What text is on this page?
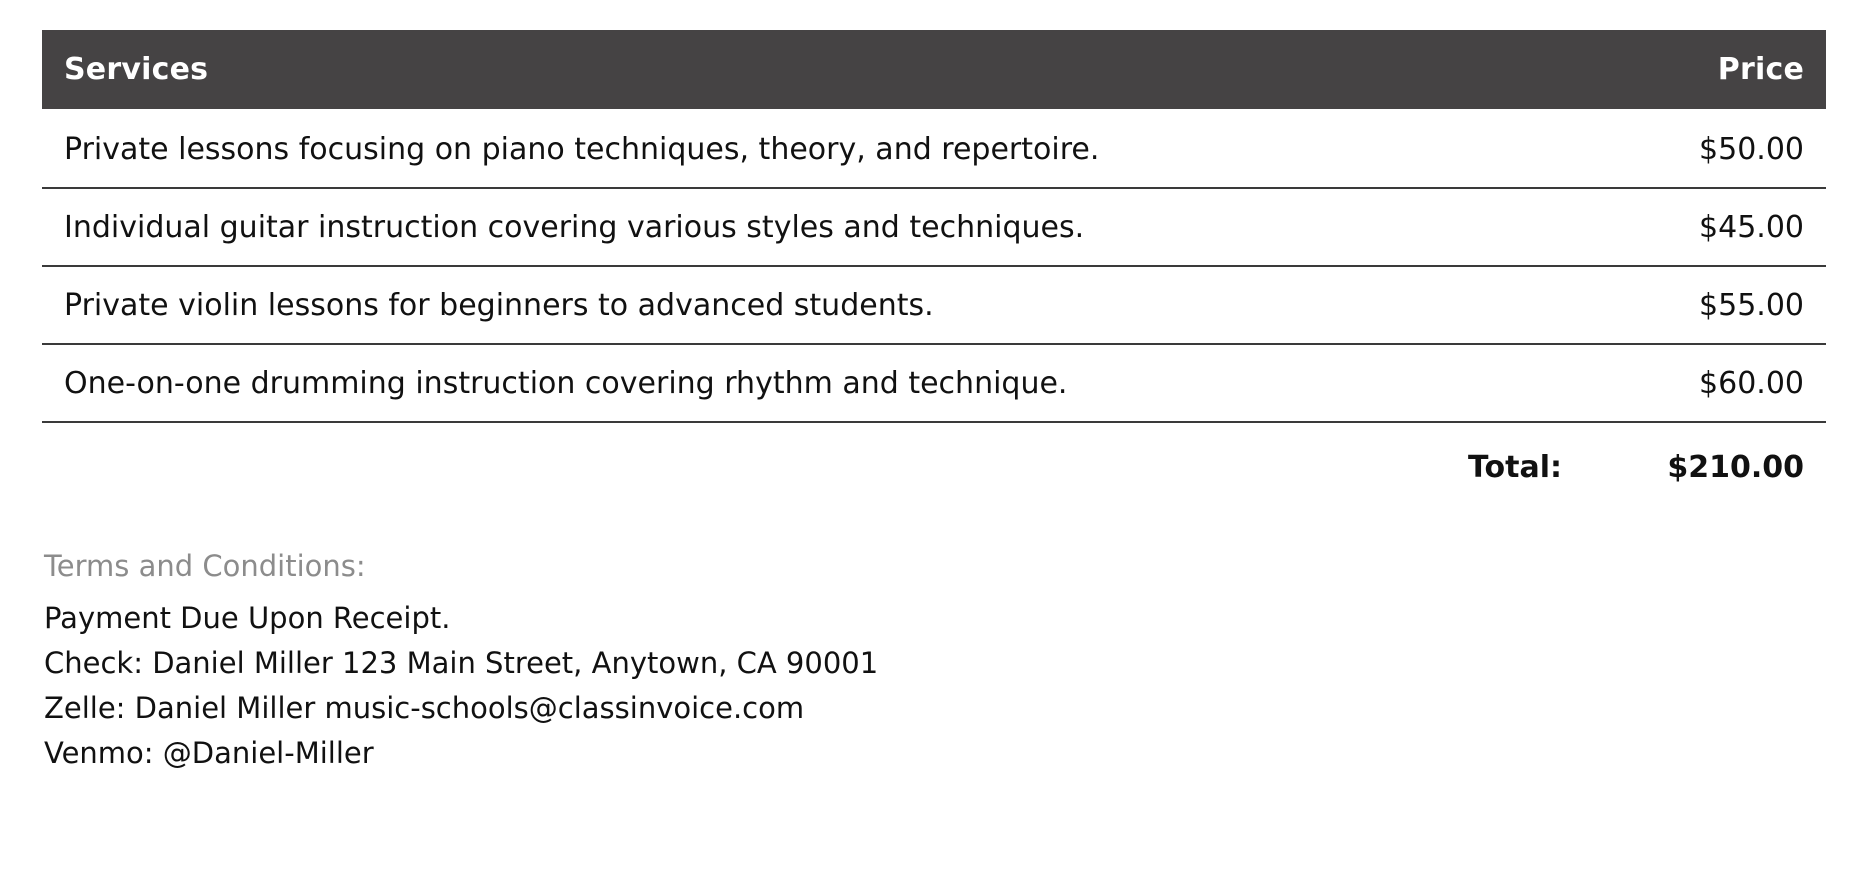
Services	Price
Private lessons focusing on piano techniques, theory, and repertoire.	$50.00
Individual guitar instruction covering various styles and techniques.	$45.00
Private violin lessons for beginners to advanced students.	$55.00
One-on-one drumming instruction covering rhythm and technique.	$60.00
Total:	$210.00
Terms and Conditions:
Payment Due Upon Receipt.
Check: Daniel Miller 123 Main Street, Anytown, CA 90001
Zelle: Daniel Miller music-schools@classinvoice.com
Venmo: @Daniel-Miller
